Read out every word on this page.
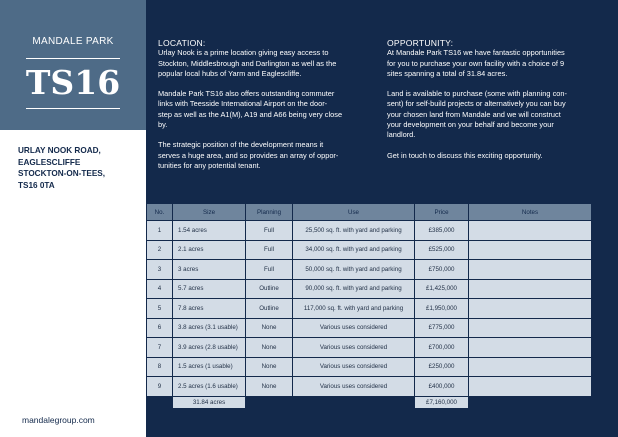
MANDALE PARK
TS16
URLAY NOOK ROAD,
EAGLESCLIFFE
STOCKTON-ON-TEES,
TS16 0TA
mandalegroup.com
LOCATION:

Urlay Nook is a prime location giving easy access to
Stockton, Middlesbrough and Darlington as well as the
popular local hubs of Yarm and Eaglescliffe.

Mandale Park TS16 also offers outstanding commuter
links with Teesside International Airport on the door-
step as well as the A1(M), A19 and A66 being very close
by.

The strategic position of the development means it
serves a huge area, and so provides an array of oppor-
tunities for any potential tenant.

OPPORTUNITY:

At Mandale Park TS16 we have fantastic opportunities
for you to purchase your own facility with a choice of 9
sites spanning a total of 31.84 acres.

Land is available to purchase (some with planning con-
sent) for self-build projects or alternatively you can buy
your chosen land from Mandale and we will construct
your development on your behalf and become your
landlord.

Get in touch to discuss this exciting opportunity.

No.	Size	Planning	Use	Price	Notes
1	1.54 acres	Full	25,500 sq. ft. with yard and parking	£385,000	
2	2.1 acres	Full	34,000 sq. ft. with yard and parking	£525,000	
3	3 acres	Full	50,000 sq. ft. with yard and parking	£750,000	
4	5.7 acres	Outline	90,000 sq. ft. with yard and parking	£1,425,000	
5	7.8 acres	Outline	117,000 sq. ft. with yard and parking	£1,950,000	
6	3.8 acres (3.1 usable)	None	Various uses considered	£775,000	
7	3.9 acres (2.8 usable)	None	Various uses considered	£700,000	
8	1.5 acres (1 usable)	None	Various uses considered	£250,000	
9	2.5 acres (1.6 usable)	None	Various uses considered	£400,000	
	31.84 acres			£7,160,000	
